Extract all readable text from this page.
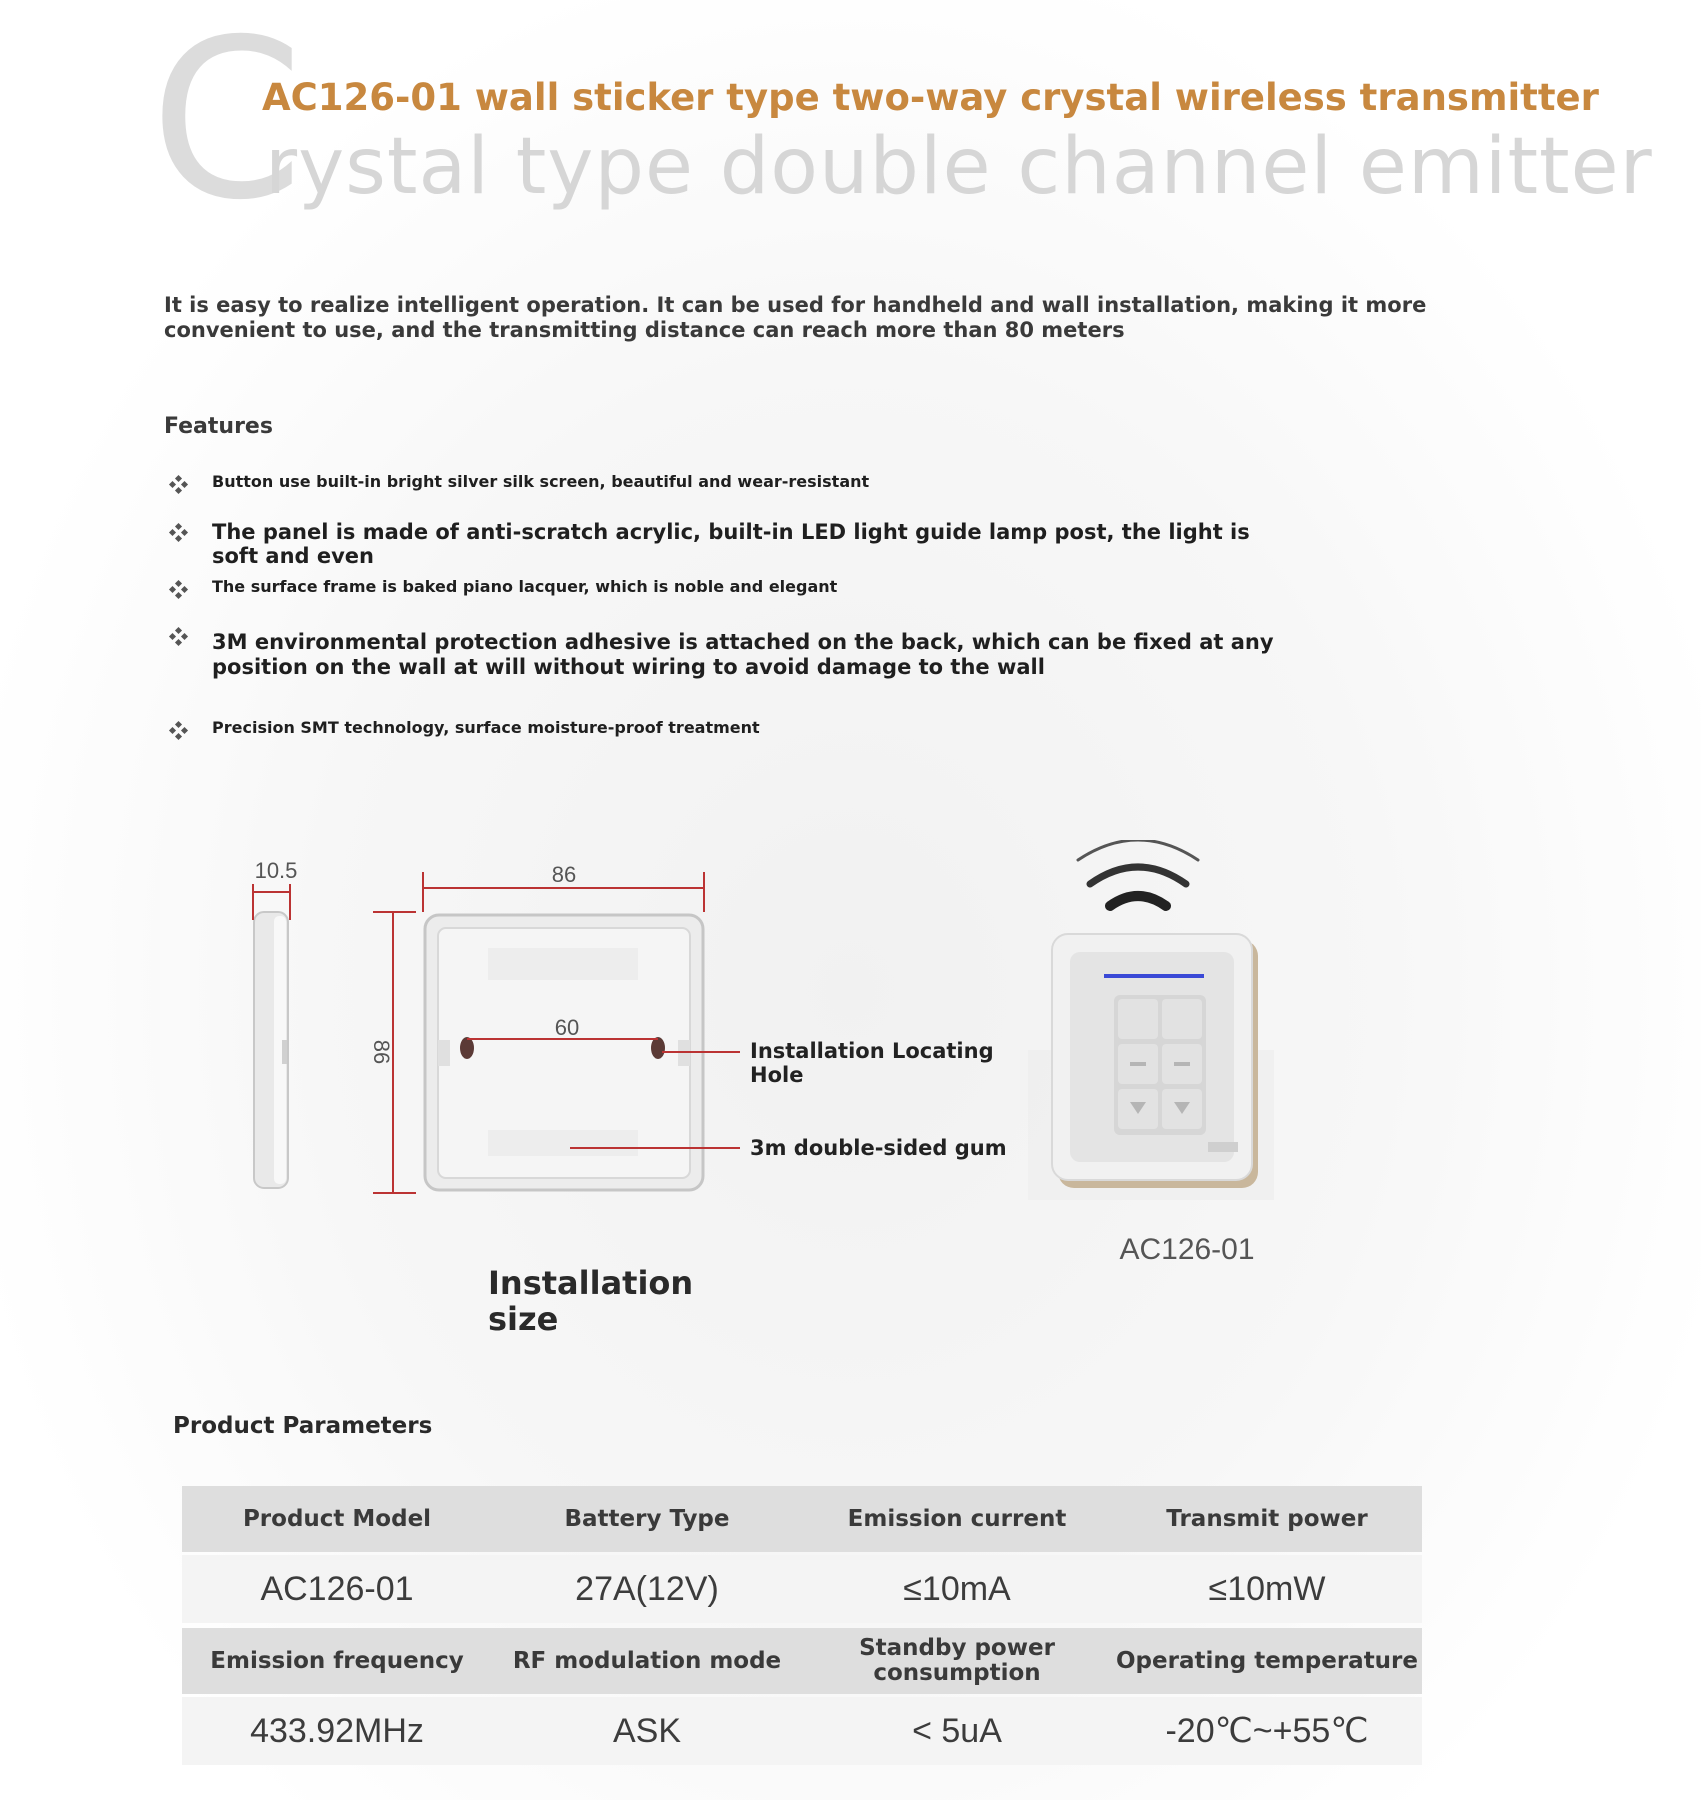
C
rystal type double channel emitter
AC126-01 wall sticker type two-way crystal wireless transmitter
It is easy to realize intelligent operation. It can be used for handheld and wall installation, making it more convenient to use, and the transmitting distance can reach more than 80 meters
Features
Button use built-in bright silver silk screen, beautiful and wear-resistant
The panel is made of anti-scratch acrylic, built-in LED light guide lamp post, the light is soft and even
The surface frame is baked piano lacquer, which is noble and elegant
3M environmental protection adhesive is attached on the back, which can be fixed at any position on the wall at will without wiring to avoid damage to the wall
Precision SMT technology, surface moisture-proof treatment
10.5
60
86
86	Installation Locating Hole
3m double-sided gum
AC126-01
Installation size
Product Parameters
Product Model	Battery Type	Emission current	Transmit power
AC126-01	27A(12V)	≤10mA	≤10mW
Emission frequency	RF modulation mode	Standby power consumption	Operating temperature
433.92MHz	ASK	< 5uA	-20℃~+55℃
